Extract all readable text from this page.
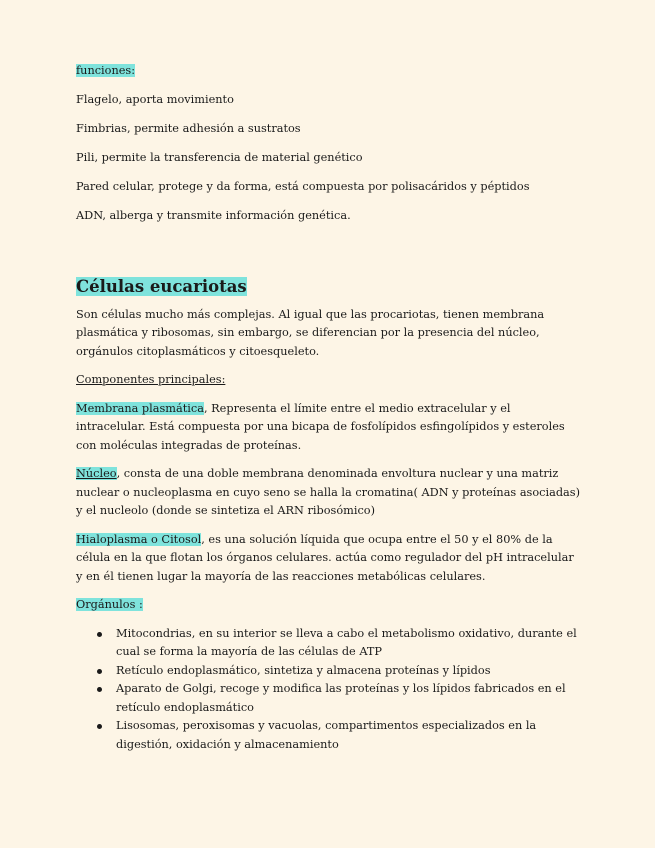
funciones:

Flagelo, aporta movimiento

Fimbrias, permite adhesión a sustratos

Pili, permite la transferencia de material genético

Pared celular, protege y da forma, está compuesta por polisacáridos y péptidos

ADN, alberga y transmite información genética.

Células eucariotas

Son células mucho más complejas. Al igual que las procariotas, tienen membrana plasmática y ribosomas, sin embargo, se diferencian por la presencia del núcleo, orgánulos citoplasmáticos y citoesqueleto.

Componentes principales:

Membrana plasmática, Representa el límite entre el medio extracelular y el intracelular. Está compuesta por una bicapa de fosfolípidos esfingolípidos y esteroles con moléculas integradas de proteínas.

Núcleo, consta de una doble membrana denominada envoltura nuclear y una matriz nuclear o nucleoplasma en cuyo seno se halla la cromatina( ADN y proteínas asociadas) y el nucleolo (donde se sintetiza el ARN ribosómico)

Hialoplasma o Citosol, es una solución líquida que ocupa entre el 50 y el 80% de la célula en la que flotan los órganos celulares. actúa como regulador del pH intracelular y en él tienen lugar la mayoría de las reacciones metabólicas celulares.

Orgánulos :

Mitocondrias, en su interior se lleva a cabo el metabolismo oxidativo, durante el cual se forma la mayoría de las células de ATP
Retículo endoplasmático, sintetiza y almacena proteínas y lípidos
Aparato de Golgi, recoge y modifica las proteínas y los lípidos fabricados en el retículo endoplasmático
Lisosomas, peroxisomas y vacuolas, compartimentos especializados en la digestión, oxidación y almacenamiento
